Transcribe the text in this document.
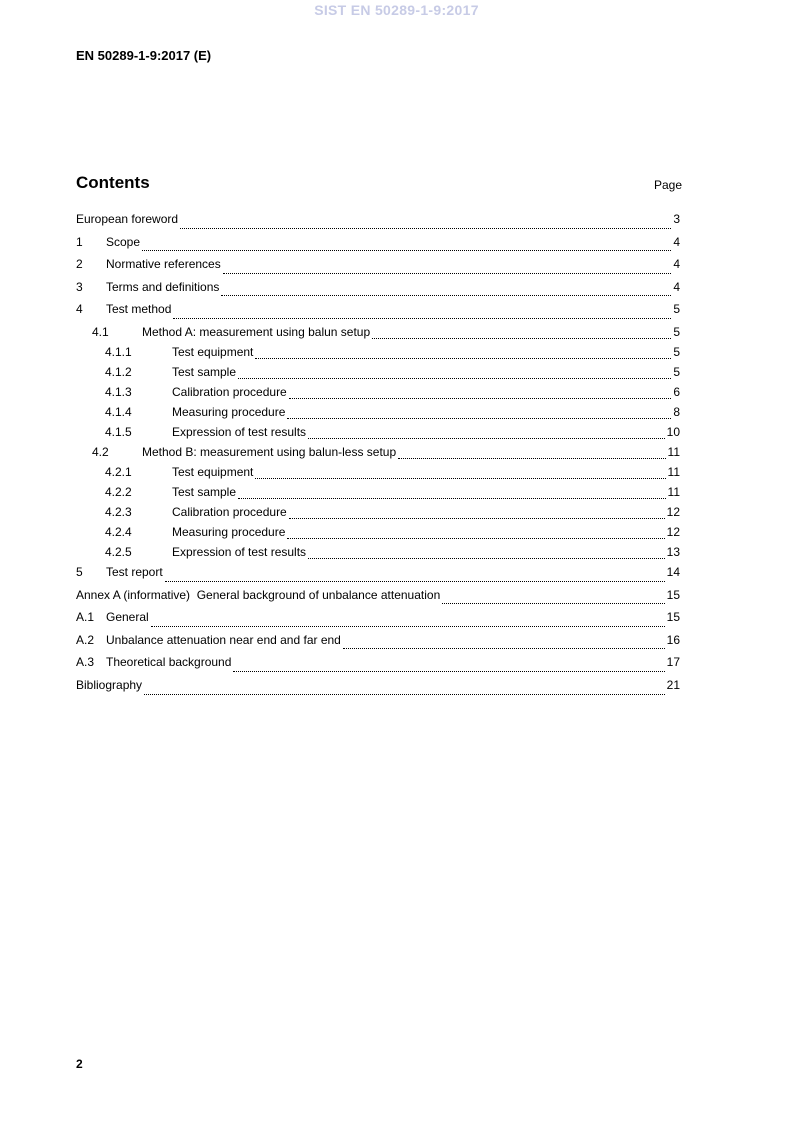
SIST EN 50289-1-9:2017
EN 50289-1-9:2017 (E)
Contents	Page
European foreword	3
1	Scope	4
2	Normative references	4
3	Terms and definitions	4
4	Test method	5
4.1	Method A: measurement using balun setup	5
4.1.1	Test equipment	5
4.1.2	Test sample	5
4.1.3	Calibration procedure	6
4.1.4	Measuring procedure	8
4.1.5	Expression of test results	10
4.2	Method B: measurement using balun-less setup	11
4.2.1	Test equipment	11
4.2.2	Test sample	11
4.2.3	Calibration procedure	12
4.2.4	Measuring procedure	12
4.2.5	Expression of test results	13
5	Test report	14
Annex A (informative)  General background of unbalance attenuation	15
A.1 General	15
A.2 Unbalance attenuation near end and far end	16
A.3 Theoretical background	17
Bibliography	21
2
